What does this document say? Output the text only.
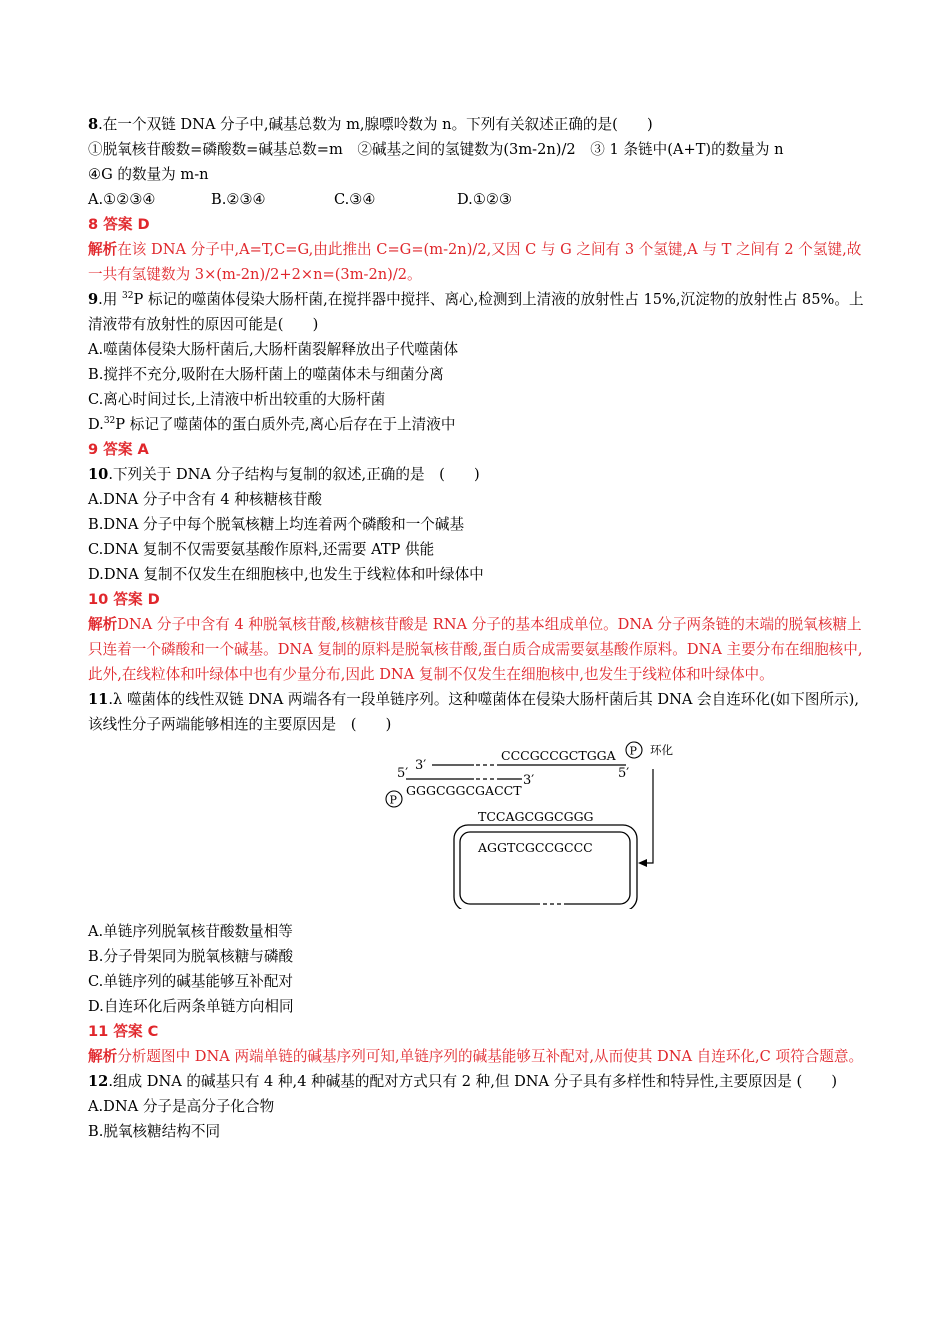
8.在一个双链 DNA 分子中,碱基总数为 m,腺嘌呤数为 n。下列有关叙述正确的是(　　)
①脱氧核苷酸数=磷酸数=碱基总数=m　②碱基之间的氢键数为(3m-2n)/2　③ 1 条链中(A+T)的数量为 n
④G 的数量为 m-n
A.①②③④	B.②③④	C.③④	D.①②③
8 答案 D
解析在该 DNA 分子中,A=T,C=G,由此推出 C=G=(m-2n)/2,又因 C 与 G 之间有 3 个氢键,A 与 T 之间有 2 个氢键,故一共有氢键数为 3×(m-2n)/2+2×n=(3m-2n)/2。
9.用 $^{32}$P 标记的噬菌体侵染大肠杆菌,在搅拌器中搅拌、离心,检测到上清液的放射性占 15%,沉淀物的放射性占 85%。上清液带有放射性的原因可能是(　　)
A.噬菌体侵染大肠杆菌后,大肠杆菌裂解释放出子代噬菌体
B.搅拌不充分,吸附在大肠杆菌上的噬菌体未与细菌分离
C.离心时间过长,上清液中析出较重的大肠杆菌
D.$^{32}$P 标记了噬菌体的蛋白质外壳,离心后存在于上清液中
9 答案 A
10.下列关于 DNA 分子结构与复制的叙述,正确的是　(　　)
A.DNA 分子中含有 4 种核糖核苷酸
B.DNA 分子中每个脱氧核糖上均连着两个磷酸和一个碱基
C.DNA 复制不仅需要氨基酸作原料,还需要 ATP 供能
D.DNA 复制不仅发生在细胞核中,也发生于线粒体和叶绿体中
10 答案 D
解析DNA 分子中含有 4 种脱氧核苷酸,核糖核苷酸是 RNA 分子的基本组成单位。DNA 分子两条链的末端的脱氧核糖上只连着一个磷酸和一个碱基。DNA 复制的原料是脱氧核苷酸,蛋白质合成需要氨基酸作原料。DNA 主要分布在细胞核中,此外,在线粒体和叶绿体中也有少量分布,因此 DNA 复制不仅发生在细胞核中,也发生于线粒体和叶绿体中。
11.λ 噬菌体的线性双链 DNA 两端各有一段单链序列。这种噬菌体在侵染大肠杆菌后其 DNA 会自连环化(如下图所示),该线性分子两端能够相连的主要原因是　(　　)
3′
CCCGCCGCTGGA P
5′
环化
5′	3′
GGGCGGCGACCT
P
TCCAGCGGCGGG
AGGTCGCCGCCC
A.单链序列脱氧核苷酸数量相等
B.分子骨架同为脱氧核糖与磷酸
C.单链序列的碱基能够互补配对
D.自连环化后两条单链方向相同
11 答案 C
解析分析题图中 DNA 两端单链的碱基序列可知,单链序列的碱基能够互补配对,从而使其 DNA 自连环化,C 项符合题意。
12.组成 DNA 的碱基只有 4 种,4 种碱基的配对方式只有 2 种,但 DNA 分子具有多样性和特异性,主要原因是 (　　)
A.DNA 分子是高分子化合物
B.脱氧核糖结构不同
